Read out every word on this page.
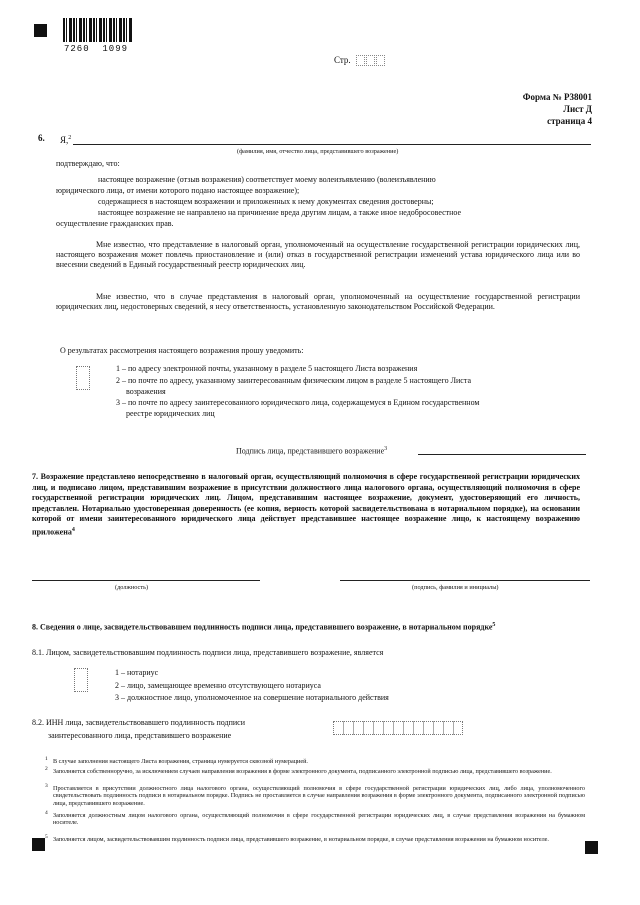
7260  1099
Стр.
Форма № Р38001
Лист Д
страница 4
6. Я,$^2$
(фамилия, имя, отчество лица, представившего возражение)
подтверждаю, что:
настоящее возражение (отзыв возражения) соответствует моему волеизъявлению (волеизъявлению
юридического лица, от имени которого подано настоящее возражение);
содержащиеся в настоящем возражении и приложенных к нему документах сведения достоверны;
настоящее возражение не направлено на причинение вреда другим лицам, а также иное недобросовестное
осуществление гражданских прав.
Мне известно, что представление в налоговый орган, уполномоченный на осуществление государственной регистрации юридических лиц, настоящего возражения может повлечь приостановление и (или) отказ в государственной регистрации изменений устава юридического лица или во внесении сведений в Единый государственный реестр юридических лиц.
Мне известно, что в случае представления в налоговый орган, уполномоченный на осуществление государственной регистрации юридических лиц, недостоверных сведений, я несу ответственность, установленную законодательством Российской Федерации.
О результатах рассмотрения настоящего возражения прошу уведомить:
1 – по адресу электронной почты, указанному в разделе 5 настоящего Листа возражения
2 – по почте по адресу, указанному заинтересованным физическим лицом в разделе 5 настоящего Листа
возражения
3 – по почте по адресу заинтересованного юридического лица, содержащемуся в Едином государственном
реестре юридических лиц
Подпись лица, представившего возражение$^3$
7. Возражение представлено непосредственно в налоговый орган, осуществляющий полномочия в сфере государственной регистрации юридических лиц, и подписано лицом, представившим возражение в присутствии должностного лица налогового органа, осуществляющий полномочия в сфере государственной регистрации юридических лиц. Лицом, представившим настоящее возражение, документ, удостоверяющий его личность, представлен. Нотариально удостоверенная доверенность (ее копия, верность которой засвидетельствована в нотариальном порядке), на основании которой от имени заинтересованного юридического лица действует представившее настоящее возражение лицо, к настоящему возражению приложена$^4$
(должность)	(подпись, фамилия и инициалы)
8. Сведения о лице, засвидетельствовавшем подлинность подписи лица, представившего возражение, в нотариальном порядке$^5$
8.1. Лицом, засвидетельствовавшим подлинность подписи лица, представившего возражение, является
1 – нотариус
2 – лицо, замещающее временно отсутствующего нотариуса
3 – должностное лицо, уполномоченное на совершение нотариального действия
8.2. ИНН лица, засвидетельствовавшего подлинность подписи
заинтересованного лица, представившего возражение
1 В случае заполнения настоящего Листа возражения, страница нумеруется сквозной нумерацией.
2 Заполняется собственноручно, за исключением случаев направления возражения в форме электронного документа, подписанного электронной подписью лица, представившего возражение.
3 Проставляется в присутствии должностного лица налогового органа, осуществляющий полномочия в сфере государственной регистрации юридических лиц, либо лица, уполномоченного свидетельствовать подлинность подписи в нотариальном порядке. Подпись не проставляется в случае направления возражения в форме электронного документа, подписанного электронной подписью лица, представившего возражение.
4 Заполняется должностным лицом налогового органа, осуществляющий полномочия в сфере государственной регистрации юридических лиц, в случае представления возражения на бумажном носителе.
5 Заполняется лицом, засвидетельствовавшим подлинность подписи лица, представившего возражение, в нотариальном порядке, в случае представления возражения на бумажном носителе.
